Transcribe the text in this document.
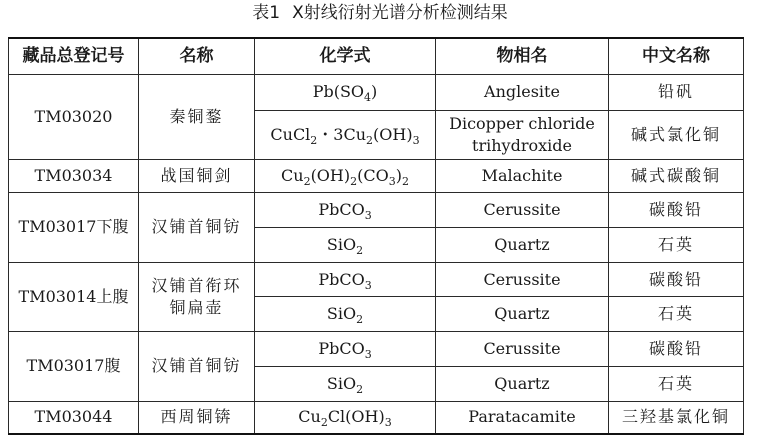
表1 X射线衍射光谱分析检测结果
藏品总登记号	名称	化学式	物相名	中文名称
TM03020	秦铜鍪	$Pb(SO_4)$	Anglesite	铅矾
		CuCl$_2$・$3Cu_2(OH)_3$	Dicopper chloride trihydroxide	碱式氯化铜
TM03034	战国铜剑	$Cu_2(OH)_2(CO_3)_2$	Malachite	碱式碳酸铜
TM03017下腹	汉铺首铜钫	PbCO$_3$	Cerussite	碳酸铅
		SiO$_2$	Quartz	石英
TM03014上腹	汉铺首衔环铜扁壶	PbCO$_3$	Cerussite	碳酸铅
		SiO$_2$	Quartz	石英
TM03017腹	汉铺首铜钫	PbCO$_3$	Cerussite	碳酸铅
		SiO$_2$	Quartz	石英
TM03044	西周铜锛	$Cu_2Cl(OH)_3$	Paratacamite	三羟基氯化铜
